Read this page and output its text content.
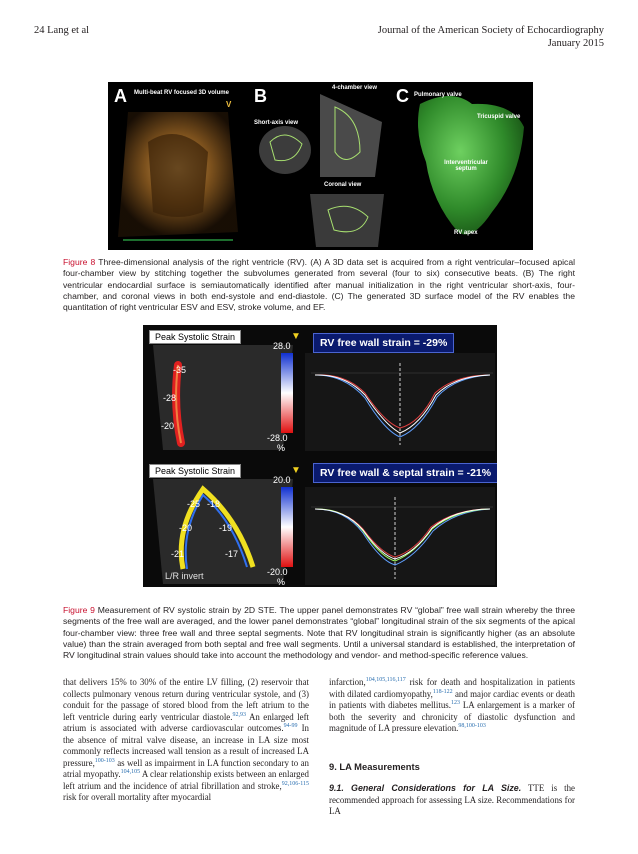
24 Lang et al	Journal of the American Society of Echocardiography
January 2015
A Multi-beat RV focused 3D volume
V B	4-chamber view
Short-axis view
Coronal view
C Pulmonary valve
Tricuspid valve
Interventricular septum
RV apex
Figure 8 Three-dimensional analysis of the right ventricle (RV). (A) A 3D data set is acquired from a right ventricular–focused apical four-chamber view by stitching together the subvolumes generated from several (four to six) consecutive beats. (B) The right ventricular endocardial surface is semiautomatically identified after manual initialization in the right ventricular short-axis, four-chamber, and coronal views in both end-systole and end-diastole. (C) The generated 3D surface model of the RV enables the quantitation of right ventricular ESV and ESV, stroke volume, and EF.
Peak Systolic Strain
-35
-28
-20
28.0
-28.0
%
▼
RV free wall strain = -29%
Peak Systolic Strain
-25 -18
-20
-21
-19
-17
L/R invert
20.0
-20.0
%
▼	RV free wall & septal strain = -21%
Figure 9 Measurement of RV systolic strain by 2D STE. The upper panel demonstrates RV “global” free wall strain whereby the three segments of the free wall are averaged, and the lower panel demonstrates “global” longitudinal strain of the six segments of the apical four-chamber view: three free wall and three septal segments. Note that RV longitudinal strain is significantly higher (as an absolute value) than the strain averaged from both septal and free wall segments. Until a universal standard is established, the interpretation of RV longitudinal strain values should take into account the methodology and vendor- and method-specific reference values.
that delivers 15% to 30% of the entire LV filling, (2) reservoir that collects pulmonary venous return during ventricular systole, and (3) conduit for the passage of stored blood from the left atrium to the left ventricle during early ventricular diastole.$^{92,93}$ An enlarged left atrium is associated with adverse cardiovascular outcomes.$^{94-99}$ In the absence of mitral valve disease, an increase in LA size most commonly reflects increased wall tension as a result of increased LA pressure,$^{100-103}$ as well as impairment in LA function secondary to an atrial myopathy.$^{104,105}$ A clear relationship exists between an enlarged left atrium and the incidence of atrial fibrillation and stroke,$^{92,106-115}$ risk for overall mortality after myocardial
infarction,$^{104,105,116,117}$ risk for death and hospitalization in patients with dilated cardiomyopathy,$^{118-122}$ and major cardiac events or death in patients with diabetes mellitus.$^{123}$ LA enlargement is a marker of both the severity and chronicity of diastolic dysfunction and magnitude of LA pressure elevation.$^{98,100-103}$
9. LA Measurements
9.1. General Considerations for LA Size. TTE is the recommended approach for assessing LA size. Recommendations for LA
